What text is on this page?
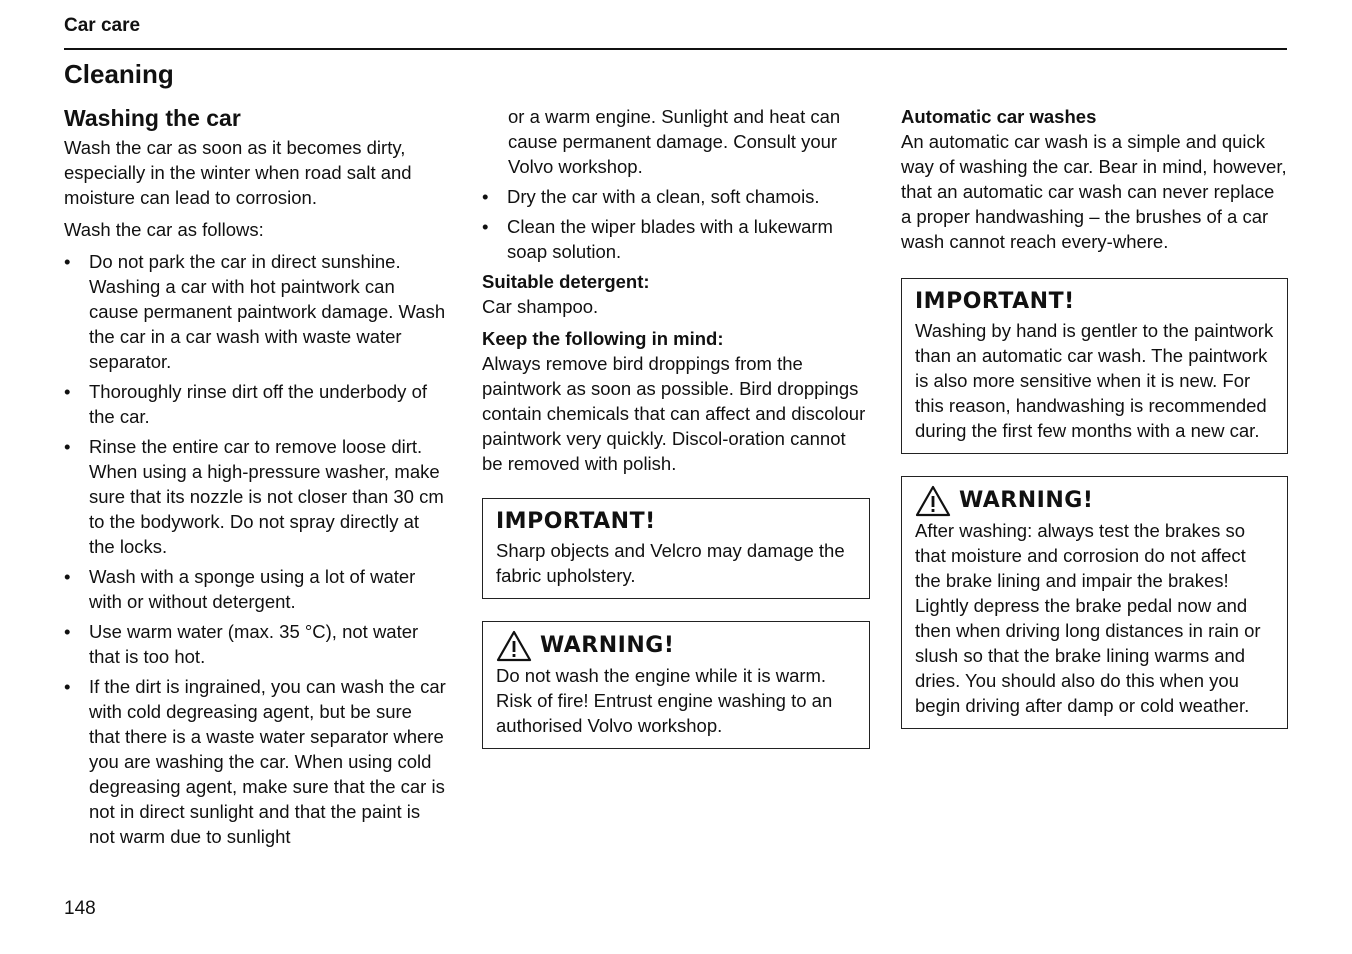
Car care
Cleaning
Washing the car

Wash the car as soon as it becomes dirty, especially in the winter when road salt and moisture can lead to corrosion.

Wash the car as follows:

• Do not park the car in direct sunshine. Washing a car with hot paintwork can cause permanent paintwork damage. Wash the car in a car wash with waste water separator.
• Thoroughly rinse dirt off the underbody of the car.
• Rinse the entire car to remove loose dirt. When using a high-pressure washer, make sure that its nozzle is not closer than 30 cm to the bodywork. Do not spray directly at the locks.
• Wash with a sponge using a lot of water with or without detergent.
• Use warm water (max. 35 °C), not water that is too hot.
• If the dirt is ingrained, you can wash the car with cold degreasing agent, but be sure that there is a waste water separator where you are washing the car. When using cold degreasing agent, make sure that the car is not in direct sunlight and that the paint is not warm due to sunlight
or a warm engine. Sunlight and heat can cause permanent damage. Consult your Volvo workshop.
• Dry the car with a clean, soft chamois.
• Clean the wiper blades with a lukewarm soap solution.

Suitable detergent:
Car shampoo.

Keep the following in mind:
Always remove bird droppings from the paintwork as soon as possible. Bird droppings contain chemicals that can affect and discolour paintwork very quickly. Discol-oration cannot be removed with polish.

IMPORTANT!
Sharp objects and Velcro may damage the fabric upholstery.
WARNING!
Do not wash the engine while it is warm. Risk of fire! Entrust engine washing to an authorised Volvo workshop.

Automatic car washes
An automatic car wash is a simple and quick way of washing the car. Bear in mind, however, that an automatic car wash can never replace a proper handwashing – the brushes of a car wash cannot reach every-where.

IMPORTANT!
Washing by hand is gentler to the paintwork than an automatic car wash. The paintwork is also more sensitive when it is new. For this reason, handwashing is recommended during the first few months with a new car.
WARNING!
After washing: always test the brakes so that moisture and corrosion do not affect the brake lining and impair the brakes! Lightly depress the brake pedal now and then when driving long distances in rain or slush so that the brake lining warms and dries. You should also do this when you begin driving after damp or cold weather.
148
